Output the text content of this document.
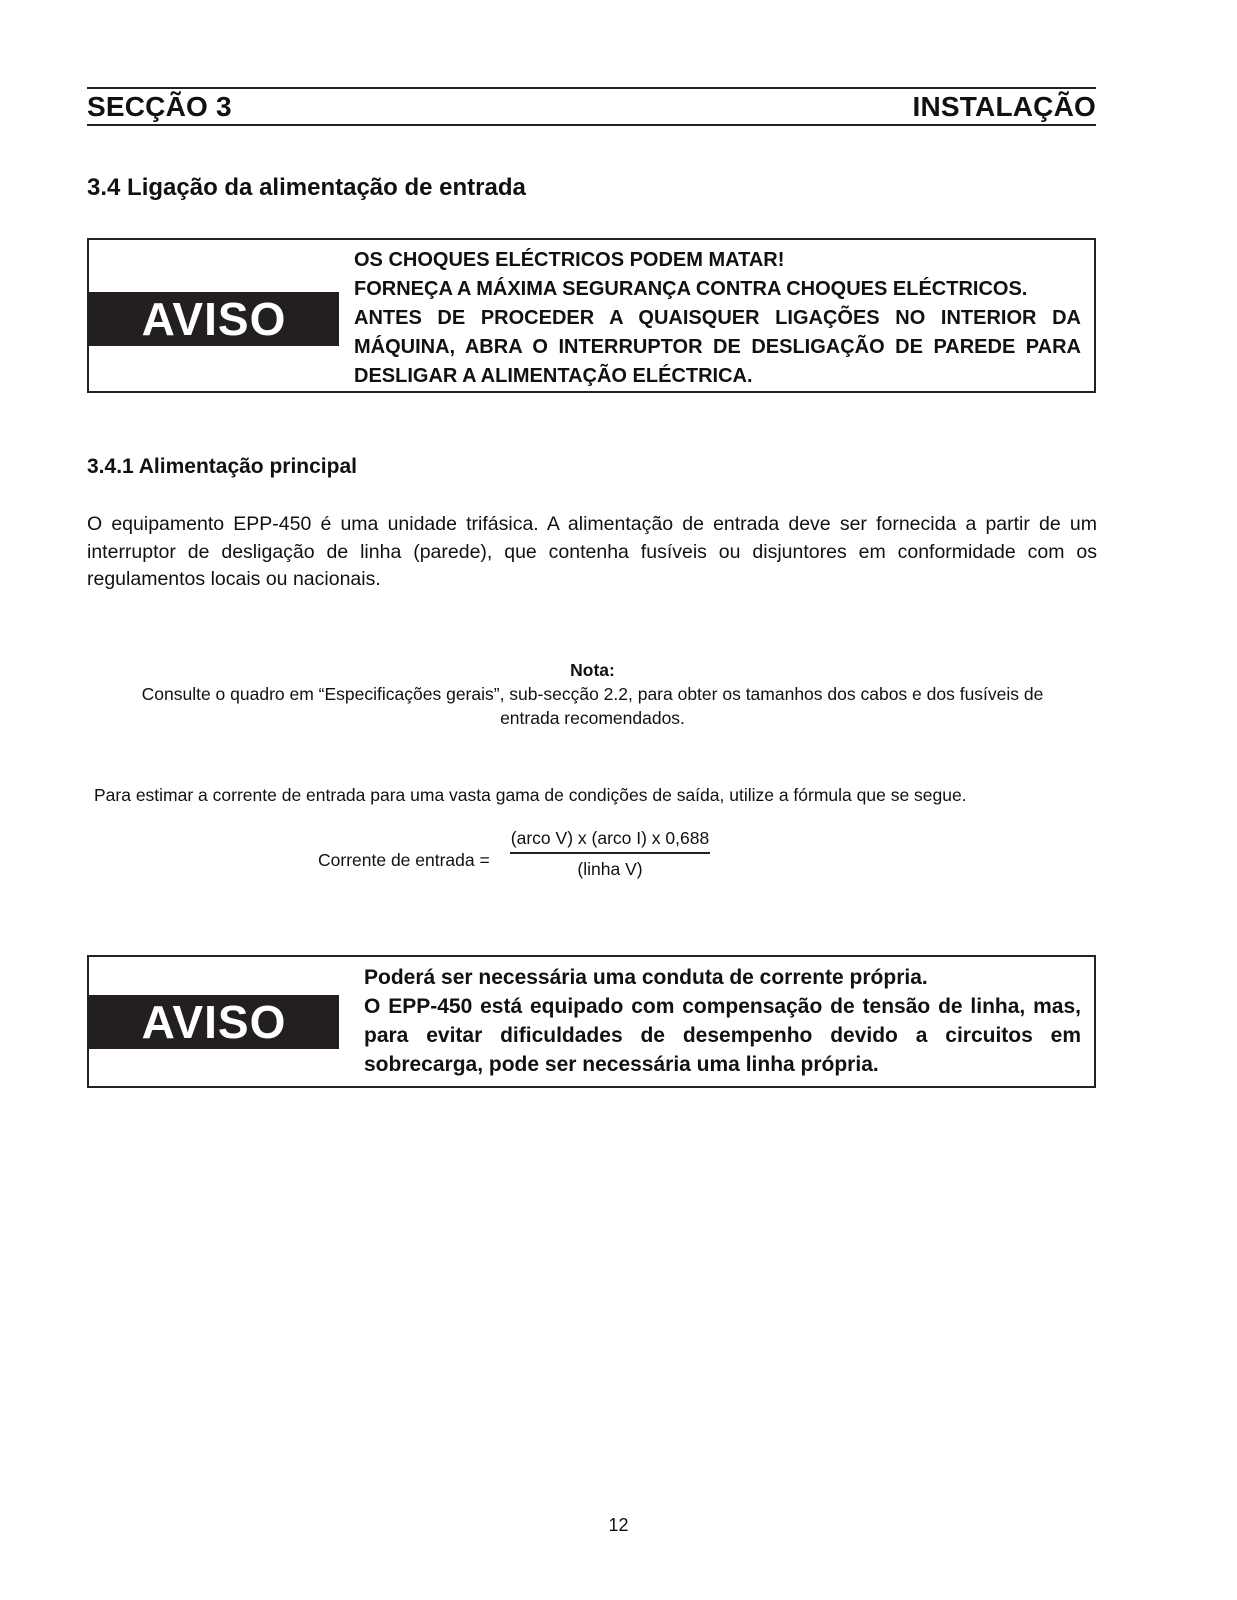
SECÇÃO 3	INSTALAÇÃO
3.4 Ligação da alimentação de entrada
AVISO
OS CHOQUES ELÉCTRICOS PODEM MATAR!
FORNEÇA A MÁXIMA SEGURANÇA CONTRA CHOQUES ELÉCTRICOS.
ANTES DE PROCEDER A QUAISQUER LIGAÇÕES NO INTERIOR DA MÁQUINA, ABRA O INTERRUPTOR DE DESLIGAÇÃO DE PAREDE PARA DESLIGAR A ALIMENTAÇÃO ELÉCTRICA.
3.4.1 Alimentação principal
O equipamento EPP-450 é uma unidade trifásica. A alimentação de entrada deve ser fornecida a partir de um interruptor de desligação de linha (parede), que contenha fusíveis ou disjuntores em conformidade com os regulamentos locais ou nacionais.
Nota:
Consulte o quadro em “Especificações gerais”, sub-secção 2.2, para obter os tamanhos dos cabos e dos fusíveis de entrada recomendados.
Para estimar a corrente de entrada para uma vasta gama de condições de saída, utilize a fórmula que se segue.
Corrente de entrada =
(arco V) x (arco I) x 0,688
(linha V)
AVISO
Poderá ser necessária uma conduta de corrente própria.
O EPP-450 está equipado com compensação de tensão de linha, mas, para evitar dificuldades de desempenho devido a circuitos em sobrecarga, pode ser necessária uma linha própria.
12
